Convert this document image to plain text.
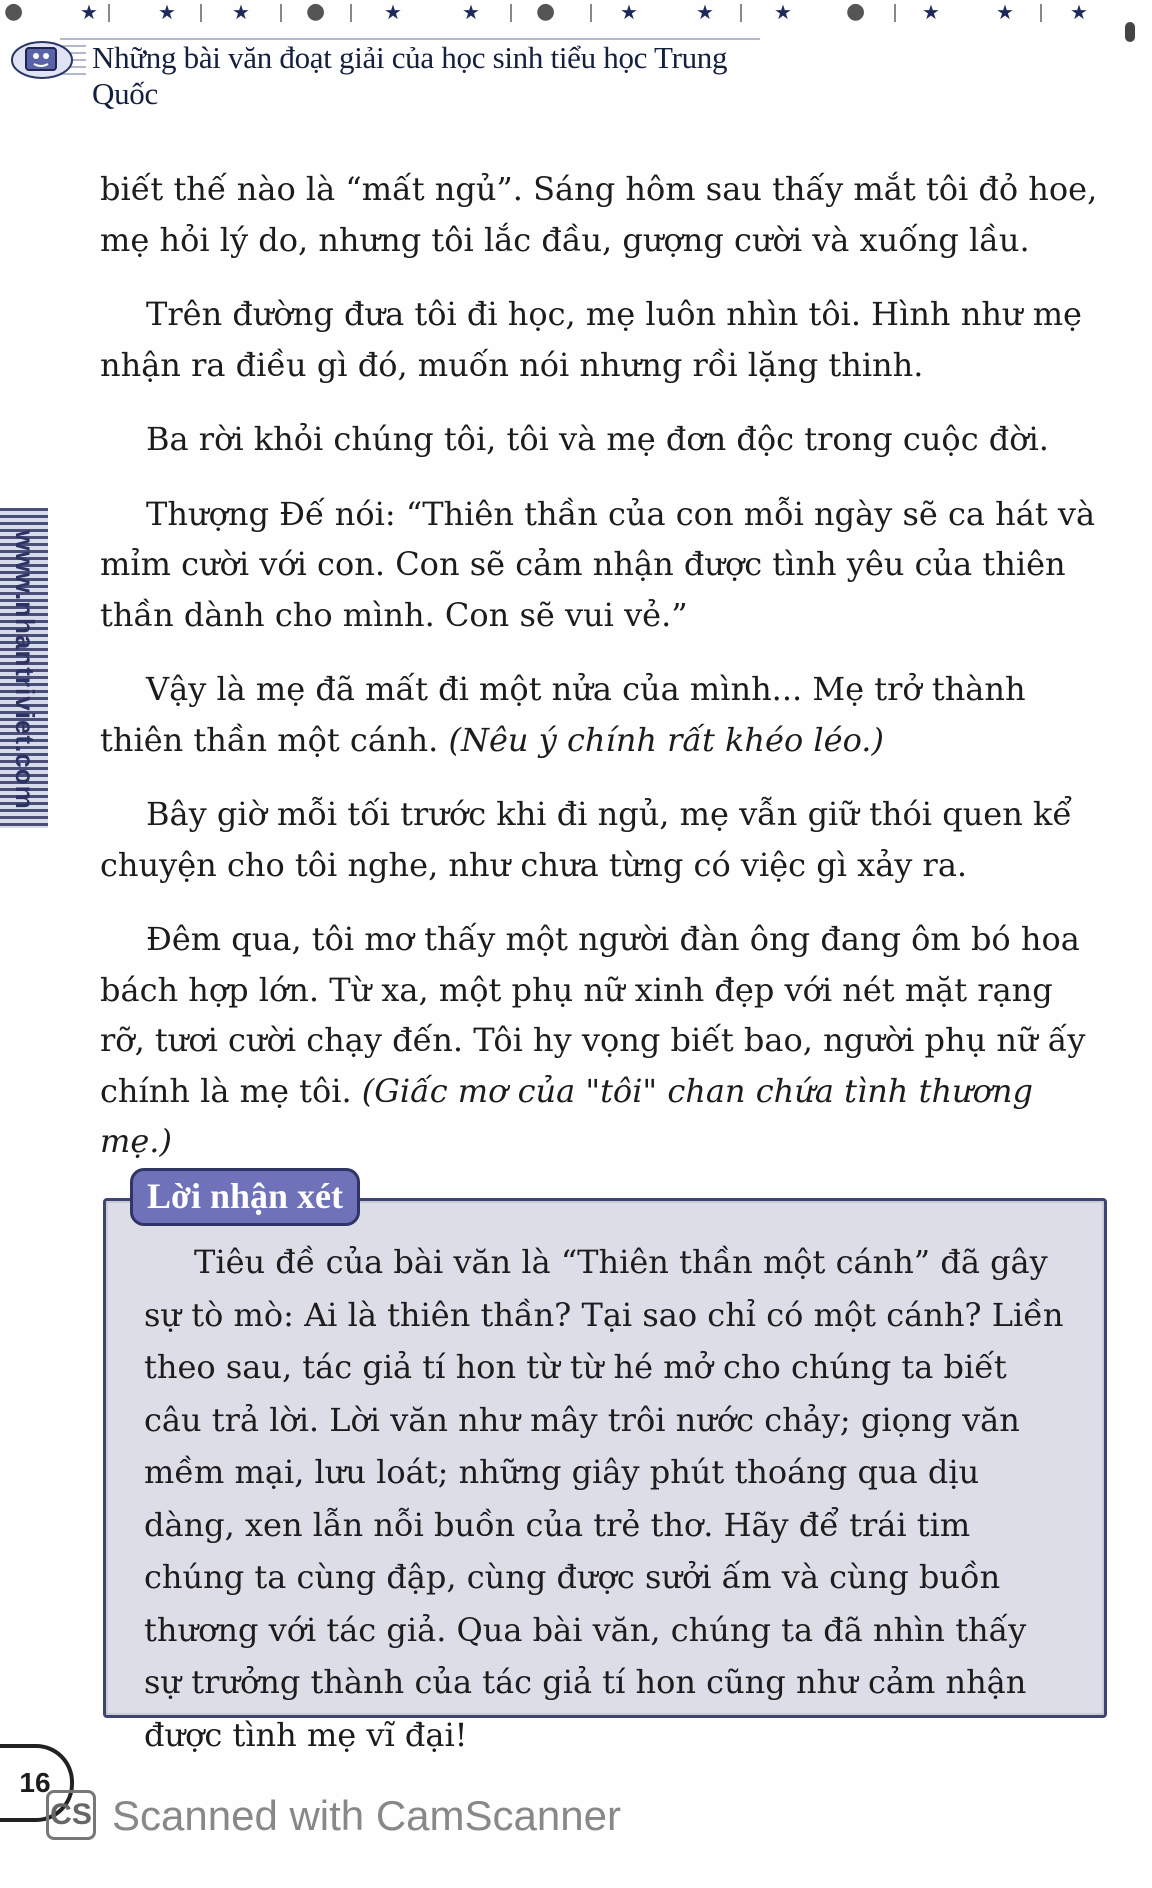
●	★	★	★	●	★	★	●	★	★	★ ●	★	★	★
Những bài văn đoạt giải của học sinh tiểu học Trung Quốc
www.nhantriviet.com

biết thế nào là “mất ngủ”. Sáng hôm sau thấy mắt tôi đỏ hoe, mẹ hỏi lý do, nhưng tôi lắc đầu, gượng cười và xuống lầu.

Trên đường đưa tôi đi học, mẹ luôn nhìn tôi. Hình như mẹ nhận ra điều gì đó, muốn nói nhưng rồi lặng thinh.

Ba rời khỏi chúng tôi, tôi và mẹ đơn độc trong cuộc đời.

Thượng Đế nói: “Thiên thần của con mỗi ngày sẽ ca hát và mỉm cười với con. Con sẽ cảm nhận được tình yêu của thiên thần dành cho mình. Con sẽ vui vẻ.”

Vậy là mẹ đã mất đi một nửa của mình... Mẹ trở thành thiên thần một cánh. (Nêu ý chính rất khéo léo.)

Bây giờ mỗi tối trước khi đi ngủ, mẹ vẫn giữ thói quen kể chuyện cho tôi nghe, như chưa từng có việc gì xảy ra.

Đêm qua, tôi mơ thấy một người đàn ông đang ôm bó hoa bách hợp lớn. Từ xa, một phụ nữ xinh đẹp với nét mặt rạng rỡ, tươi cười chạy đến. Tôi hy vọng biết bao, người phụ nữ ấy chính là mẹ tôi. (Giấc mơ của "tôi" chan chứa tình thương mẹ.)

Lời nhận xét

Tiêu đề của bài văn là “Thiên thần một cánh” đã gây sự tò mò: Ai là thiên thần? Tại sao chỉ có một cánh? Liền theo sau, tác giả tí hon từ từ hé mở cho chúng ta biết câu trả lời. Lời văn như mây trôi nước chảy; giọng văn mềm mại, lưu loát; những giây phút thoáng qua dịu dàng, xen lẫn nỗi buồn của trẻ thơ. Hãy để trái tim chúng ta cùng đập, cùng được sưởi ấm và cùng buồn thương với tác giả. Qua bài văn, chúng ta đã nhìn thấy sự trưởng thành của tác giả tí hon cũng như cảm nhận được tình mẹ vĩ đại!

16
CS Scanned with CamScanner
